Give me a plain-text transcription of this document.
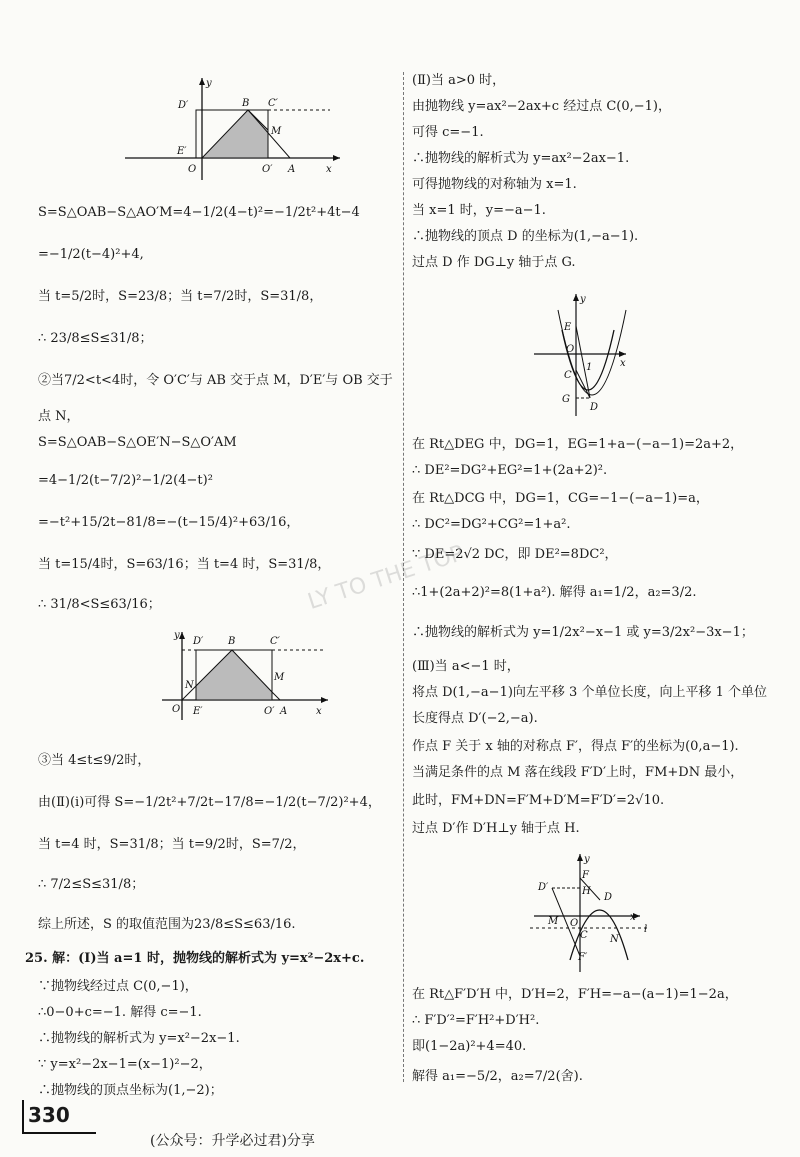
y
D′	B C′
M
E′
O	O′ A	x
S=S△OAB−S△AO′M=4−1/2(4−t)²=−1/2t²+4t−4
=−1/2(t−4)²+4,
当 t=5/2时，S=23/8；当 t=7/2时，S=31/8，
∴ 23/8≤S≤31/8；
②当7/2<t<4时，令 O′C′与 AB 交于点 M，D′E′与 OB 交于
点 N，
S=S△OAB−S△OE′N−S△O′AM
=4−1/2(t−7/2)²−1/2(4−t)²
=−t²+15/2t−81/8=−(t−15/4)²+63/16，
当 t=15/4时，S=63/16；当 t=4 时，S=31/8，
∴ 31/8<S≤63/16；
③当 4≤t≤9/2时，
由(Ⅱ)(ⅰ)可得 S=−1/2t²+7/2t−17/8=−1/2(t−7/2)²+4，
当 t=4 时，S=31/8；当 t=9/2时，S=7/2，
∴ 7/2≤S≤31/8；
综上所述，S 的取值范围为23/8≤S≤63/16.
25. 解：(Ⅰ)当 a=1 时，抛物线的解析式为 y=x²−2x+c.
∵抛物线经过点 C(0,−1)，
∴0−0+c=−1. 解得 c=−1.
∴抛物线的解析式为 y=x²−2x−1.
∵ y=x²−2x−1=(x−1)²−2，
∴抛物线的顶点坐标为(1,−2)；
y
D′ B	C′
N
M
O E′	O′ A	x
(Ⅱ)当 a>0 时，
由抛物线 y=ax²−2ax+c 经过点 C(0,−1)，
可得 c=−1.
∴抛物线的解析式为 y=ax²−2ax−1.
可得抛物线的对称轴为 x=1.
当 x=1 时，y=−a−1.
∴抛物线的顶点 D 的坐标为(1,−a−1).
过点 D 作 DG⊥y 轴于点 G.
在 Rt△DEG 中，DG=1，EG=1+a−(−a−1)=2a+2，
∴ DE²=DG²+EG²=1+(2a+2)².
在 Rt△DCG 中，DG=1，CG=−1−(−a−1)=a，
∴ DC²=DG²+CG²=1+a².
∵ DE=2√2 DC，即 DE²=8DC²，
∴1+(2a+2)²=8(1+a²). 解得 a₁=1/2，a₂=3/2.
∴抛物线的解析式为 y=1/2x²−x−1 或 y=3/2x²−3x−1；
(Ⅲ)当 a<−1 时，
将点 D(1,−a−1)向左平移 3 个单位长度，向上平移 1 个单位
长度得点 D′(−2,−a).
作点 F 关于 x 轴的对称点 F′，得点 F′的坐标为(0,a−1).
当满足条件的点 M 落在线段 F′D′上时，FM+DN 最小，
此时，FM+DN=F′M+D′M=F′D′=2√10.
过点 D′作 D′H⊥y 轴于点 H.
在 Rt△F′D′H 中，D′H=2，F′H=−a−(a−1)=1−2a，
∴ F′D′²=F′H²+D′H².
即(1−2a)²+4=40.
解得 a₁=−5/2，a₂=7/2(舍).
y
E
O
C
1
G
D
x
y
F
D′	H
D
M O
C N
l
F′
x
LY TO THE TOP
330
(公众号：升学必过君)分享
